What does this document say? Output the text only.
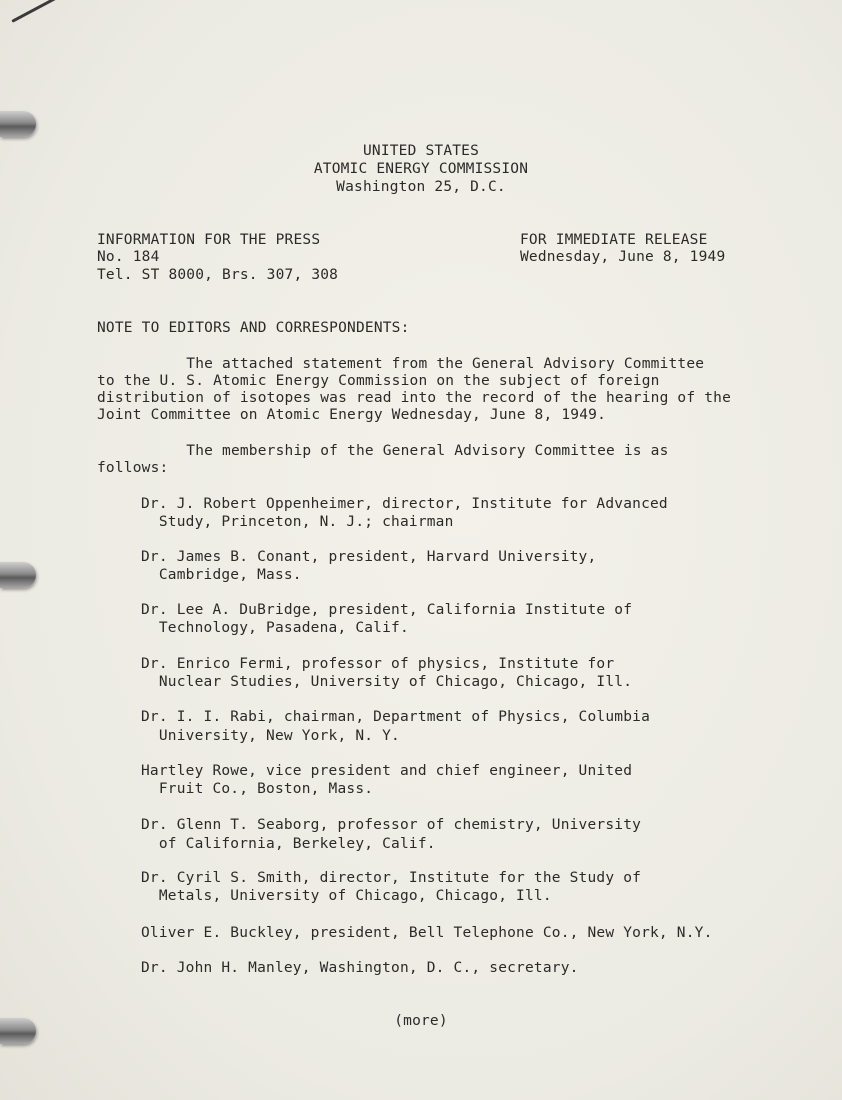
UNITED STATES
ATOMIC ENERGY COMMISSION
Washington 25, D.C.
INFORMATION FOR THE PRESS
No. 184
Tel. ST 8000, Brs. 307, 308
FOR IMMEDIATE RELEASE
Wednesday, June 8, 1949
NOTE TO EDITORS AND CORRESPONDENTS:
The attached statement from the General Advisory Committee
to the U. S. Atomic Energy Commission on the subject of foreign
distribution of isotopes was read into the record of the hearing of the
Joint Committee on Atomic Energy Wednesday, June 8, 1949.
The membership of the General Advisory Committee is as
follows:
Dr. J. Robert Oppenheimer, director, Institute for Advanced
Study, Princeton, N. J.; chairman
Dr. James B. Conant, president, Harvard University,
Cambridge, Mass.
Dr. Lee A. DuBridge, president, California Institute of
Technology, Pasadena, Calif.
Dr. Enrico Fermi, professor of physics, Institute for
Nuclear Studies, University of Chicago, Chicago, Ill.
Dr. I. I. Rabi, chairman, Department of Physics, Columbia
University, New York, N. Y.
Hartley Rowe, vice president and chief engineer, United
Fruit Co., Boston, Mass.
Dr. Glenn T. Seaborg, professor of chemistry, University
of California, Berkeley, Calif.
Dr. Cyril S. Smith, director, Institute for the Study of
Metals, University of Chicago, Chicago, Ill.
Oliver E. Buckley, president, Bell Telephone Co., New York, N.Y.
Dr. John H. Manley, Washington, D. C., secretary.
(more)
